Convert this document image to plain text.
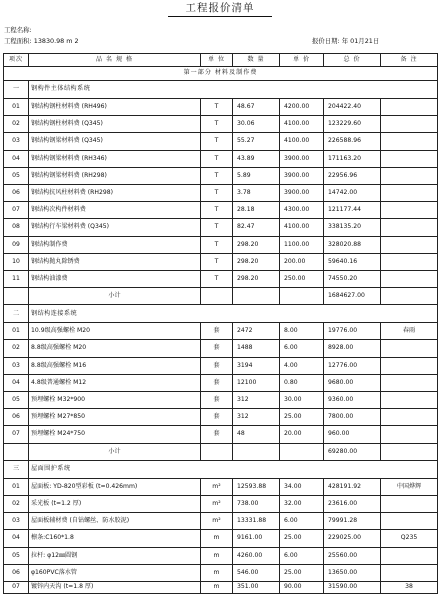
工程报价清单
工程名称:
工程面积: 13830.98 m 2	报价日期: 年 01月21日
项次	品 名 规 格	单 位	数 量	单 价	总 价	备 注
第一部分 材料及制作费						
一	钢构件主体结构系统					
01	钢结构钢柱材料费 (RH496)	T	48.67	4200.00	204422.40	
02	钢结构钢柱材料费 (Q345)	T	30.06	4100.00	123229.60	
03	钢结构钢梁材料费 (Q345)	T	55.27	4100.00	226588.96	
04	钢结构钢梁材料费 (RH346)	T	43.89	3900.00	171163.20	
05	钢结构钢梁材料费 (RH298)	T	5.89	3900.00	22956.96	
06	钢结构抗风柱材料费 (RH298)	T	3.78	3900.00	14742.00	
07	钢结构次构件材料费	T	28.18	4300.00	121177.44	
08	钢结构行车梁材料费 (Q345)	T	82.47	4100.00	338135.20	
09	钢结构制作费	T	298.20	1100.00	328020.88	
10	钢结构抛丸除锈费	T	298.20	200.00	59640.16	
11	钢结构油漆费	T	298.20	250.00	74550.20	
	小计				1684627.00	
二	钢结构连接系统					
01	10.9级高强螺栓 M20	套	2472	8.00	19776.00	春雨
02	8.8级高强螺栓 M20	套	1488	6.00	8928.00	
03	8.8级高强螺栓 M16	套	3194	4.00	12776.00	
04	4.8级普通螺栓 M12	套	12100	0.80	9680.00	
05	预埋螺栓 M32*900	套	312	30.00	9360.00	
06	预埋螺栓 M27*850	套	312	25.00	7800.00	
07	预埋螺栓 M24*750	套	48	20.00	960.00	
	小计				69280.00	
三	屋面围护系统					
01	屋面板: YD-820型彩板 (t=0.426mm)	m²	12593.88	34.00	428191.92	中国烨辉
02	采光板 (t=1.2 厚)	m²	738.00	32.00	23616.00	
03	屋面板辅材费 (自钻螺丝、防水胶泥)	m²	13331.88	6.00	79991.28	
04	檩条:C160*1.8	m	9161.00	25.00	229025.00	Q235
05	拉杆: φ12㎜圆钢	m	4260.00	6.00	25560.00	
06	φ160PVC落水管	m	546.00	25.00	13650.00	
07	镀锌内天沟 (t=1.8 厚)	m	351.00	90.00	31590.00	38
